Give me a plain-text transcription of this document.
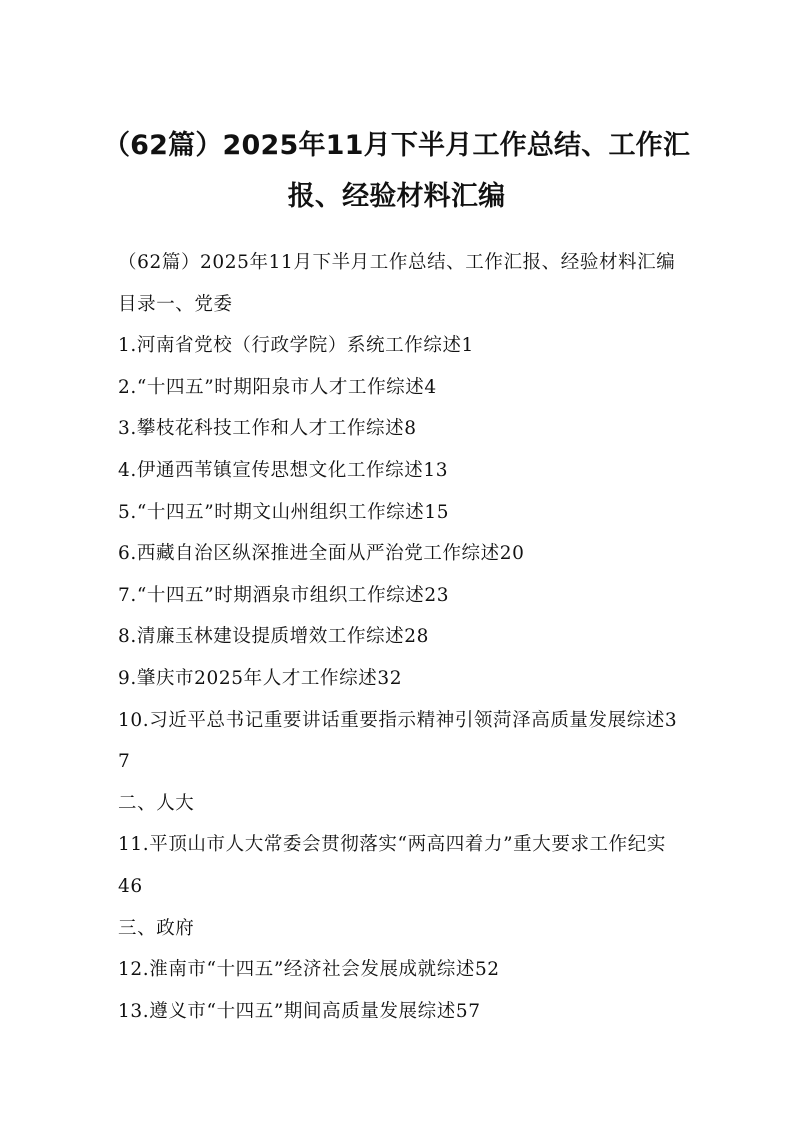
（62篇）2025年11月下半月工作总结、工作汇报、经验材料汇编

（62篇）2025年11月下半月工作总结、工作汇报、经验材料汇编目录一、党委

1.河南省党校（行政学院）系统工作综述1

2.“十四五”时期阳泉市人才工作综述4

3.攀枝花科技工作和人才工作综述8

4.伊通西苇镇宣传思想文化工作综述13

5.“十四五”时期文山州组织工作综述15

6.西藏自治区纵深推进全面从严治党工作综述20

7.“十四五”时期酒泉市组织工作综述23

8.清廉玉林建设提质增效工作综述28

9.肇庆市2025年人才工作综述32

10.习近平总书记重要讲话重要指示精神引领菏泽高质量发展综述37

二、人大

11.平顶山市人大常委会贯彻落实“两高四着力”重大要求工作纪实46

三、政府

12.淮南市“十四五”经济社会发展成就综述52

13.遵义市“十四五”期间高质量发展综述57
